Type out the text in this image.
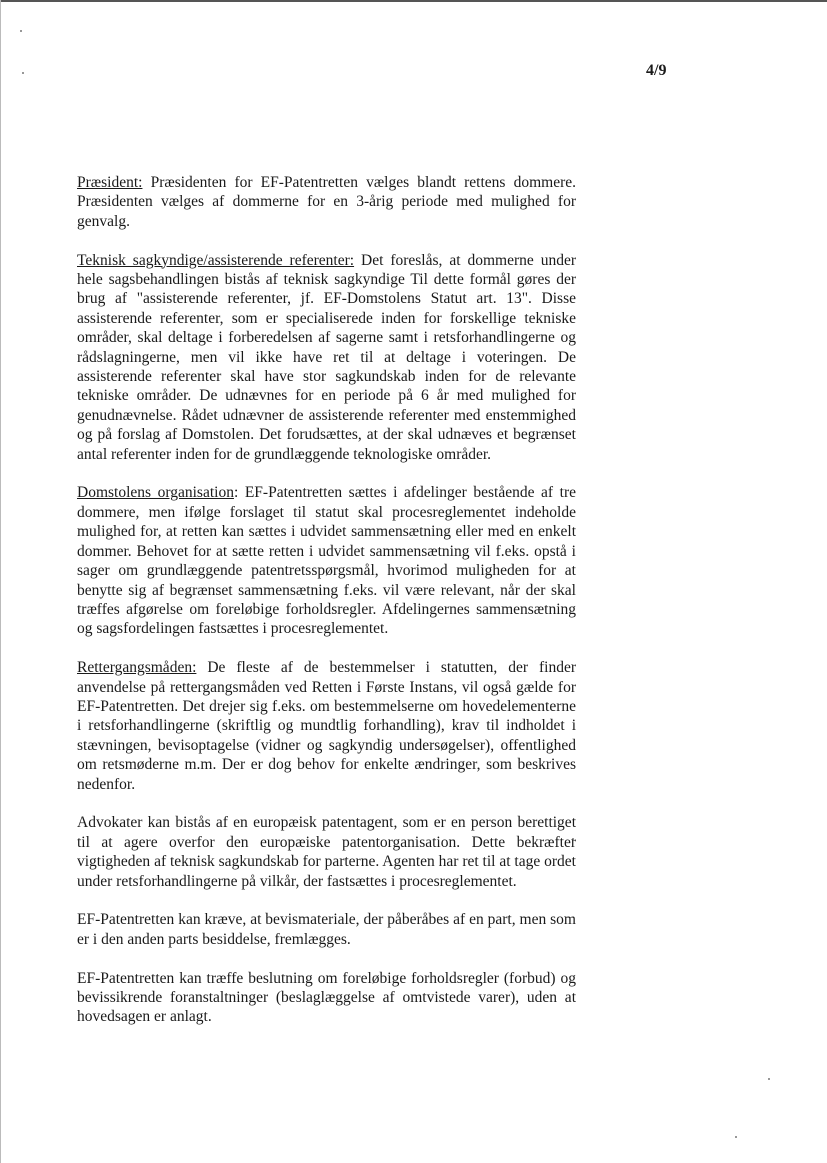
4/9

Præsident: Præsidenten for EF-Patentretten vælges blandt rettens dommere. Præsidenten vælges af dommerne for en 3-årig periode med mulighed for genvalg.

Teknisk sagkyndige/assisterende referenter: Det foreslås, at dommerne under hele sagsbehandlingen bistås af teknisk sagkyndige Til dette formål gøres der brug af "assisterende referenter, jf. EF-Domstolens Statut art. 13". Disse assisterende referenter, som er specialiserede inden for forskellige tekniske områder, skal deltage i forberedelsen af sagerne samt i retsforhandlingerne og rådslagningerne, men vil ikke have ret til at deltage i voteringen. De assisterende referenter skal have stor sagkundskab inden for de relevante tekniske områder. De udnævnes for en periode på 6 år med mulighed for genudnævnelse. Rådet udnævner de assisterende referenter med enstemmighed og på forslag af Domstolen. Det forudsættes, at der skal udnæves et begrænset antal referenter inden for de grundlæggende teknologiske områder.

Domstolens organisation: EF-Patentretten sættes i afdelinger bestående af tre dommere, men ifølge forslaget til statut skal procesreglementet indeholde mulighed for, at retten kan sættes i udvidet sammensætning eller med en enkelt dommer. Behovet for at sætte retten i udvidet sammensætning vil f.eks. opstå i sager om grundlæggende patentretsspørgsmål, hvorimod muligheden for at benytte sig af begrænset sammensætning f.eks. vil være relevant, når der skal træffes afgørelse om foreløbige forholdsregler. Afdelingernes sammensætning og sagsfordelingen fastsættes i procesreglementet.

Rettergangsmåden: De fleste af de bestemmelser i statutten, der finder anvendelse på rettergangsmåden ved Retten i Første Instans, vil også gælde for EF-Patentretten. Det drejer sig f.eks. om bestemmelserne om hovedelementerne i retsforhandlingerne (skriftlig og mundtlig forhandling), krav til indholdet i stævningen, bevisoptagelse (vidner og sagkyndig undersøgelser), offentlighed om retsmøderne m.m. Der er dog behov for enkelte ændringer, som beskrives nedenfor.

Advokater kan bistås af en europæisk patentagent, som er en person berettiget til at agere overfor den europæiske patentorganisation. Dette bekræfter vigtigheden af teknisk sagkundskab for parterne. Agenten har ret til at tage ordet under retsforhandlingerne på vilkår, der fastsættes i procesreglementet.

EF-Patentretten kan kræve, at bevismateriale, der påberåbes af en part, men som er i den anden parts besiddelse, fremlægges.

EF-Patentretten kan træffe beslutning om foreløbige forholdsregler (forbud) og bevissikrende foranstaltninger (beslaglæggelse af omtvistede varer), uden at hovedsagen er anlagt.
